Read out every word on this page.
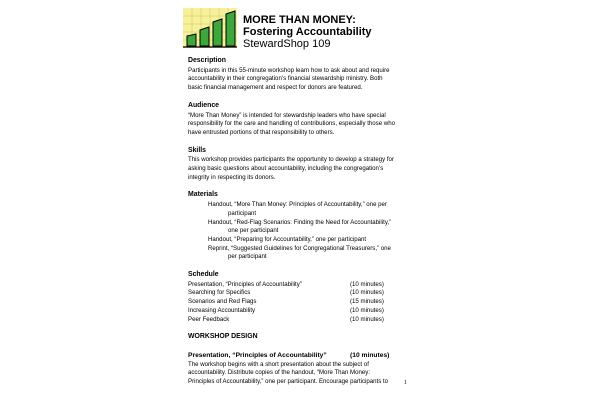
MORE THAN MONEY:
Fostering Accountability
StewardShop 109
Description
Participants in this 55-minute workshop learn how to ask about and require
accountability in their congregation’s financial stewardship ministry. Both
basic financial management and respect for donors are featured.
Audience
“More Than Money” is intended for stewardship leaders who have special
responsibility for the care and handling of contributions, especially those who
have entrusted portions of that responsibility to others.
Skills
This workshop provides participants the opportunity to develop a strategy for
asking basic questions about accountability, including the congregation’s
integrity in respecting its donors.
Materials
Handout, “More Than Money: Principles of Accountability,” one per
participant
Handout, “Red-Flag Scenarios: Finding the Need for Accountability,”
one per participant
Handout, “Preparing for Accountability,” one per participant
Reprint, “Suggested Guidelines for Congregational Treasurers,” one
per participant
Schedule
Presentation, “Principles of Accountability”	(10 minutes)
Searching for Specifics	(10 minutes)
Scenarios and Red Flags	(15 minutes)
Increasing Accountability	(10 minutes)
Peer Feedback	(10 minutes)
WORKSHOP DESIGN
Presentation, “Principles of Accountability”	(10 minutes)
The workshop begins with a short presentation about the subject of
accountability. Distribute copies of the handout, “More Than Money:
Principles of Accountability,” one per participant. Encourage participants to	1
